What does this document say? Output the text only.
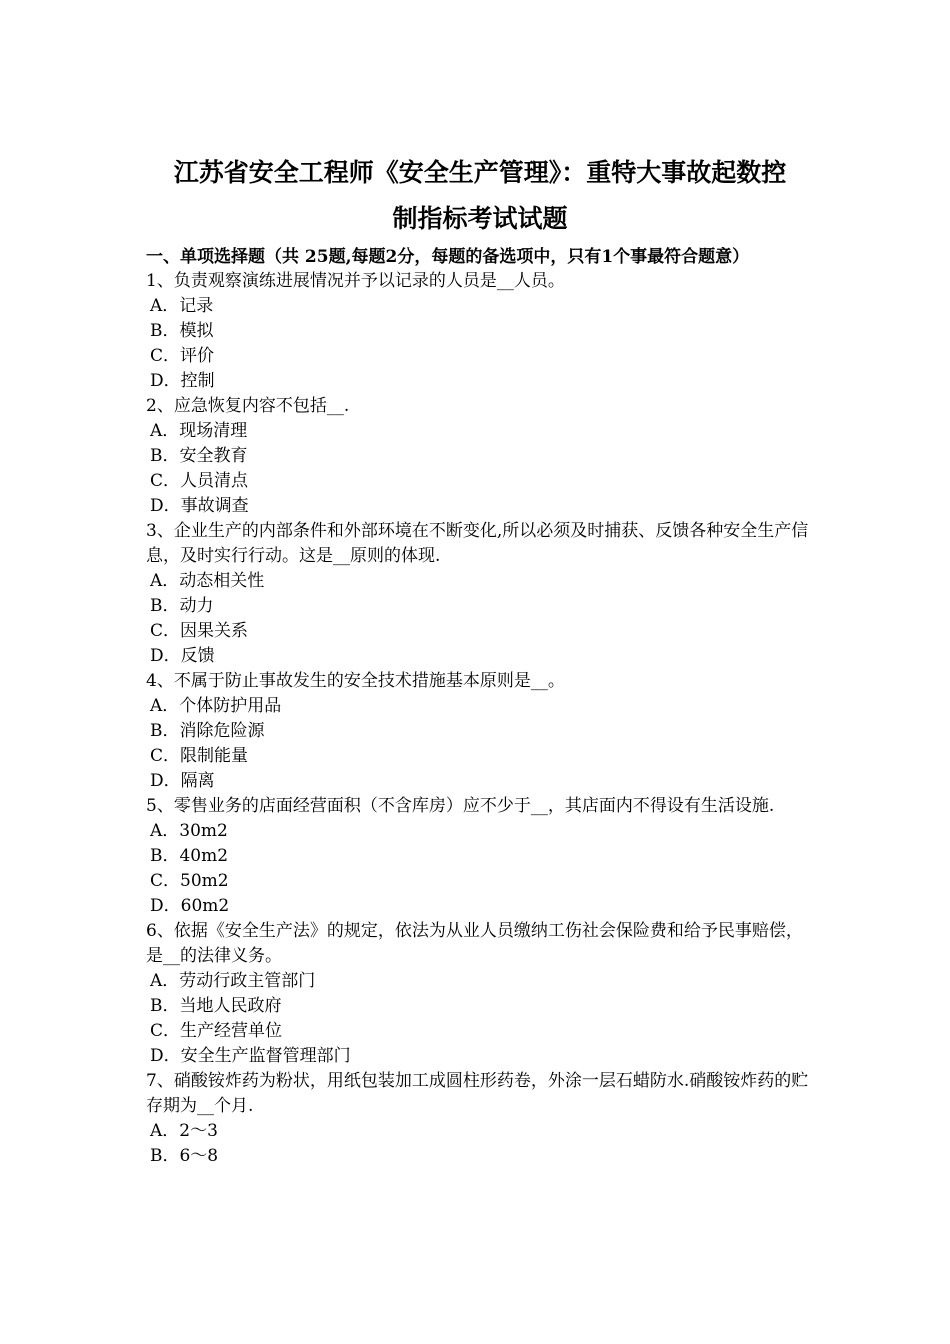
江苏省安全工程师《安全生产管理》：重特大事故起数控
制指标考试试题

一、单项选择题（共 25题,每题2分，每题的备选项中，只有1个事最符合题意）

1、负责观察演练进展情况并予以记录的人员是__人员。

A．记录
B．模拟
C．评价
D．控制

2、应急恢复内容不包括__.

A．现场清理
B．安全教育
C．人员清点
D．事故调查

3、企业生产的内部条件和外部环境在不断变化,所以必须及时捕获、反馈各种安全生产信息，及时实行行动。这是__原则的体现.

A．动态相关性
B．动力
C．因果关系
D．反馈

4、不属于防止事故发生的安全技术措施基本原则是__。

A．个体防护用品
B．消除危险源
C．限制能量
D．隔离

5、零售业务的店面经营面积（不含库房）应不少于__，其店面内不得设有生活设施.

A．30m2
B．40m2
C．50m2
D．60m2

6、依据《安全生产法》的规定，依法为从业人员缴纳工伤社会保险费和给予民事赔偿，是__的法律义务。

A．劳动行政主管部门
B．当地人民政府
C．生产经营单位
D．安全生产监督管理部门

7、硝酸铵炸药为粉状，用纸包装加工成圆柱形药卷，外涂一层石蜡防水.硝酸铵炸药的贮存期为__个月.

A．2～3
B．6～8
